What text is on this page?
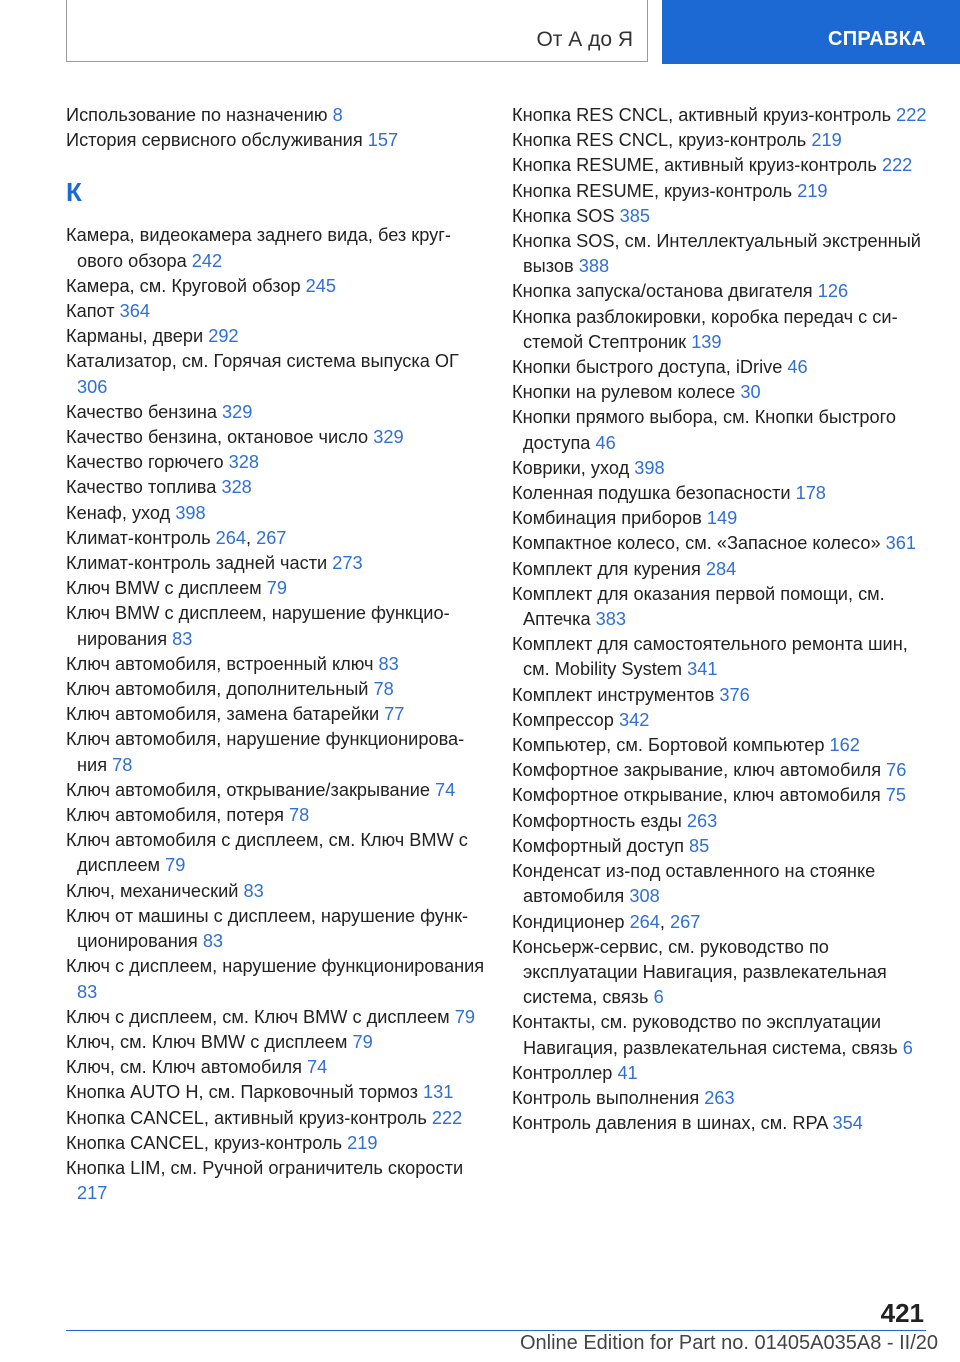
От А до Я	СПРАВКА
Использование по назначению 8
История сервисного обслуживания 157
К
Камера, видеокамера заднего вида, без кругового обзора 242
Камера, см. Круговой обзор 245
Капот 364
Карманы, двери 292
Катализатор, см. Горячая система выпуска ОГ 306
Качество бензина 329
Качество бензина, октановое число 329
Качество горючего 328
Качество топлива 328
Кенаф, уход 398
Климат-контроль 264, 267
Климат-контроль задней части 273
Ключ BMW с дисплеем 79
Ключ BMW с дисплеем, нарушение функционирования 83
Ключ автомобиля, встроенный ключ 83
Ключ автомобиля, дополнительный 78
Ключ автомобиля, замена батарейки 77
Ключ автомобиля, нарушение функционирования 78
Ключ автомобиля, открывание/закрывание 74
Ключ автомобиля, потеря 78
Ключ автомобиля с дисплеем, см. Ключ BMW с дисплеем 79
Ключ, механический 83
Ключ от машины с дисплеем, нарушение функционирования 83
Ключ с дисплеем, нарушение функционирования 83
Ключ с дисплеем, см. Ключ BMW с дисплеем 79
Ключ, см. Ключ BMW с дисплеем 79
Ключ, см. Ключ автомобиля 74
Кнопка AUTO H, см. Парковочный тормоз 131
Кнопка CANCEL, активный круиз-контроль 222
Кнопка CANCEL, круиз-контроль 219
Кнопка LIM, см. Ручной ограничитель скорости 217
Кнопка RES CNCL, активный круиз-контроль 222
Кнопка RES CNCL, круиз-контроль 219
Кнопка RESUME, активный круиз-контроль 222
Кнопка RESUME, круиз-контроль 219
Кнопка SOS 385
Кнопка SOS, см. Интеллектуальный экстренный вызов 388
Кнопка запуска/останова двигателя 126
Кнопка разблокировки, коробка передач с системой Стептроник 139
Кнопки быстрого доступа, iDrive 46
Кнопки на рулевом колесе 30
Кнопки прямого выбора, см. Кнопки быстрого доступа 46
Коврики, уход 398
Коленная подушка безопасности 178
Комбинация приборов 149
Компактное колесо, см. «Запасное колесо» 361
Комплект для курения 284
Комплект для оказания первой помощи, см. Аптечка 383
Комплект для самостоятельного ремонта шин, см. Mobility System 341
Комплект инструментов 376
Компрессор 342
Компьютер, см. Бортовой компьютер 162
Комфортное закрывание, ключ автомобиля 76
Комфортное открывание, ключ автомобиля 75
Комфортность езды 263
Комфортный доступ 85
Конденсат из-под оставленного на стоянке автомобиля 308
Кондиционер 264, 267
Консьерж-сервис, см. руководство по эксплуатации Навигация, развлекательная система, связь 6
Контакты, см. руководство по эксплуатации Навигация, развлекательная система, связь 6
Контроллер 41
Контроль выполнения 263
Контроль давления в шинах, см. RPA 354
421
Online Edition for Part no. 01405A035A8 - II/20
